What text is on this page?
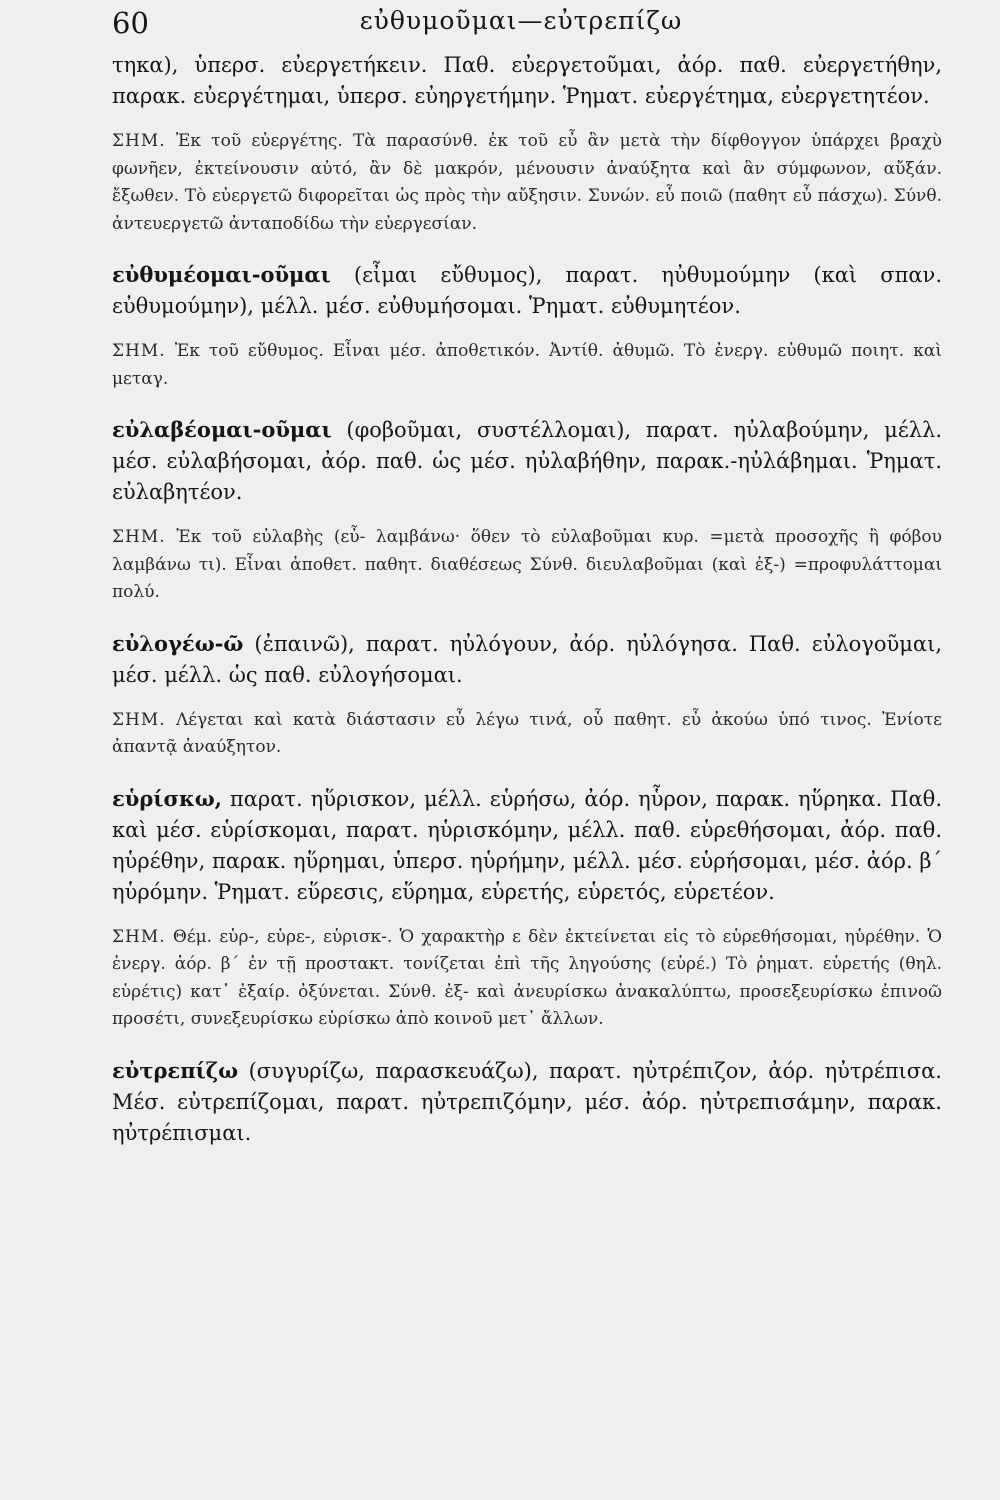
60	εὐθυμοῦμαι—εὐτρεπίζω

τηκα), ὑπερσ. εὐεργετήκειν. Παθ. εὐεργετοῦμαι, ἀόρ. παθ. εὐεργετήθην, παρακ. εὐεργέτημαι, ὑπερσ. εὐηργετήμην. Ῥηματ. εὐεργέτημα, εὐεργετητέον.

ΣΗΜ. Ἐκ τοῦ εὐεργέτης. Τὰ παρασύνθ. ἐκ τοῦ εὖ ἂν μετὰ τὴν δίφθογγον ὑπάρχει βραχὺ φωνῆεν, ἐκτείνουσιν αὐτό, ἂν δὲ μακρόν, μένουσιν ἀναύξητα καὶ ἂν σύμφωνον, αὔξάν. ἔξωθεν. Τὸ εὐεργετῶ διφορεῖται ὡς πρὸς τὴν αὔξησιν. Συνών. εὖ ποιῶ (παθητ εὖ πάσχω). Σύνθ. ἀντευεργετῶ ἀνταποδίδω τὴν εὐεργεσίαν.

εὐθυμέομαι-οῦμαι (εἶμαι εὔθυμος), παρατ. ηὐθυμούμην (καὶ σπαν. εὐθυμούμην), μέλλ. μέσ. εὐθυμήσομαι. Ῥηματ. εὐθυμητέον.

ΣΗΜ. Ἐκ τοῦ εὔθυμος. Εἶναι μέσ. ἀποθετικόν. Ἀντίθ. ἀθυμῶ. Τὸ ἐνεργ. εὐθυμῶ ποιητ. καὶ μεταγ.

εὐλαβέομαι-οῦμαι (φοβοῦμαι, συστέλλομαι), παρατ. ηὐλαβούμην, μέλλ. μέσ. εὐλαβήσομαι, ἀόρ. παθ. ὡς μέσ. ηὐλαβήθην, παρακ.-ηὐλάβημαι. Ῥηματ. εὐλαβητέον.

ΣΗΜ. Ἐκ τοῦ εὐλαβὴς (εὖ- λαμβάνω· ὅθεν τὸ εὐλαβοῦμαι κυρ. =μετὰ προσοχῆς ἢ φόβου λαμβάνω τι). Εἶναι ἀποθετ. παθητ. διαθέσεως Σύνθ. διευλαβοῦμαι (καὶ ἐξ-) =προφυλάττομαι πολύ.

εὐλογέω-ῶ (ἐπαινῶ), παρατ. ηὐλόγουν, ἀόρ. ηὐλόγησα. Παθ. εὐλογοῦμαι, μέσ. μέλλ. ὡς παθ. εὐλογήσομαι.

ΣΗΜ. Λέγεται καὶ κατὰ διάστασιν εὖ λέγω τινά, οὗ παθητ. εὖ ἀκούω ὑπό τινος. Ἐνίοτε ἀπαντᾷ ἀναύξητον.

εὑρίσκω, παρατ. ηὕρισκον, μέλλ. εὑρήσω, ἀόρ. ηὗρον, παρακ. ηὕρηκα. Παθ. καὶ μέσ. εὑρίσκομαι, παρατ. ηὑρισκόμην, μέλλ. παθ. εὑρεθήσομαι, ἀόρ. παθ. ηὑρέθην, παρακ. ηὕρημαι, ὑπερσ. ηὑρήμην, μέλλ. μέσ. εὑρήσομαι, μέσ. ἀόρ. β΄ ηὑρόμην. Ῥηματ. εὕρεσις, εὕρημα, εὑρετής, εὑρετός, εὑρετέον.

ΣΗΜ. Θέμ. εὑρ-, εὑρε-, εὑρισκ-. Ὁ χαρακτὴρ ε δὲν ἐκτείνεται εἰς τὸ εὑρεθήσομαι, ηὑρέθην. Ὁ ἐνεργ. ἀόρ. β΄ ἐν τῇ προστακτ. τονίζεται ἐπὶ τῆς ληγούσης (εὑρέ.) Τὸ ῥηματ. εὑρετής (θηλ. εὑρέτις) κατ᾽ ἐξαίρ. ὀξύνεται. Σύνθ. ἐξ- καὶ ἀνευρίσκω ἀνακαλύπτω, προσεξευρίσκω ἐπινοῶ προσέτι, συνεξευρίσκω εὑρίσκω ἀπὸ κοινοῦ μετ᾽ ἄλλων.

εὐτρεπίζω (συγυρίζω, παρασκευάζω), παρατ. ηὐτρέπιζον, ἀόρ. ηὐτρέπισα. Μέσ. εὐτρεπίζομαι, παρατ. ηὐτρεπιζόμην, μέσ. ἀόρ. ηὐτρεπισάμην, παρακ. ηὐτρέπισμαι.
